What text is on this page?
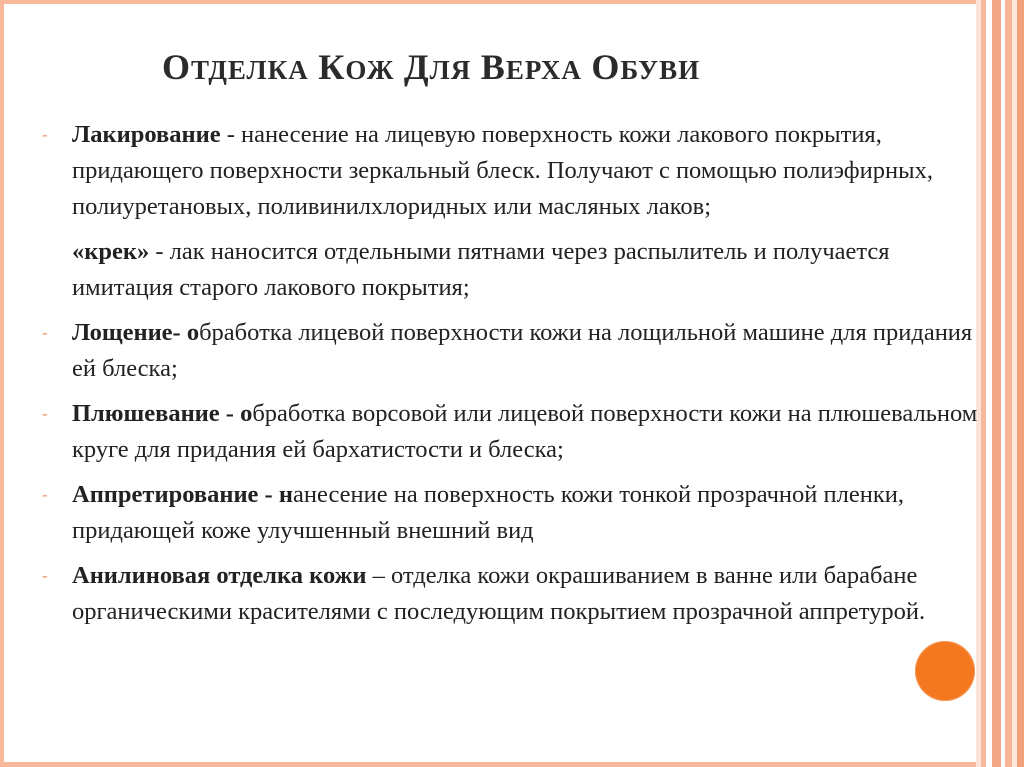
ОТДЕЛКА КОЖ ДЛЯ ВЕРХА ОБУВИ
- Лакирование - нанесение на лицевую поверхность кожи лакового покрытия, придающего поверхности зеркальный блеск. Получают с помощью полиэфирных, полиуретановых, поливинилхлоридных или масляных лаков;

«крек» - лак наносится отдельными пятнами через распылитель и получается имитация старого лакового покрытия;

- Лощение- обработка лицевой поверхности кожи на лощильной машине для придания ей блеска;

- Плюшевание - обработка ворсовой или лицевой поверхности кожи на плюшевальном круге для придания ей бархатистости и блеска;

- Аппретирование - нанесение на поверхность кожи тонкой прозрачной пленки, придающей коже улучшенный внешний вид

- Анилиновая отделка кожи – отделка кожи окрашиванием в ванне или барабане органическими красителями с последующим покрытием прозрачной аппретурой.
